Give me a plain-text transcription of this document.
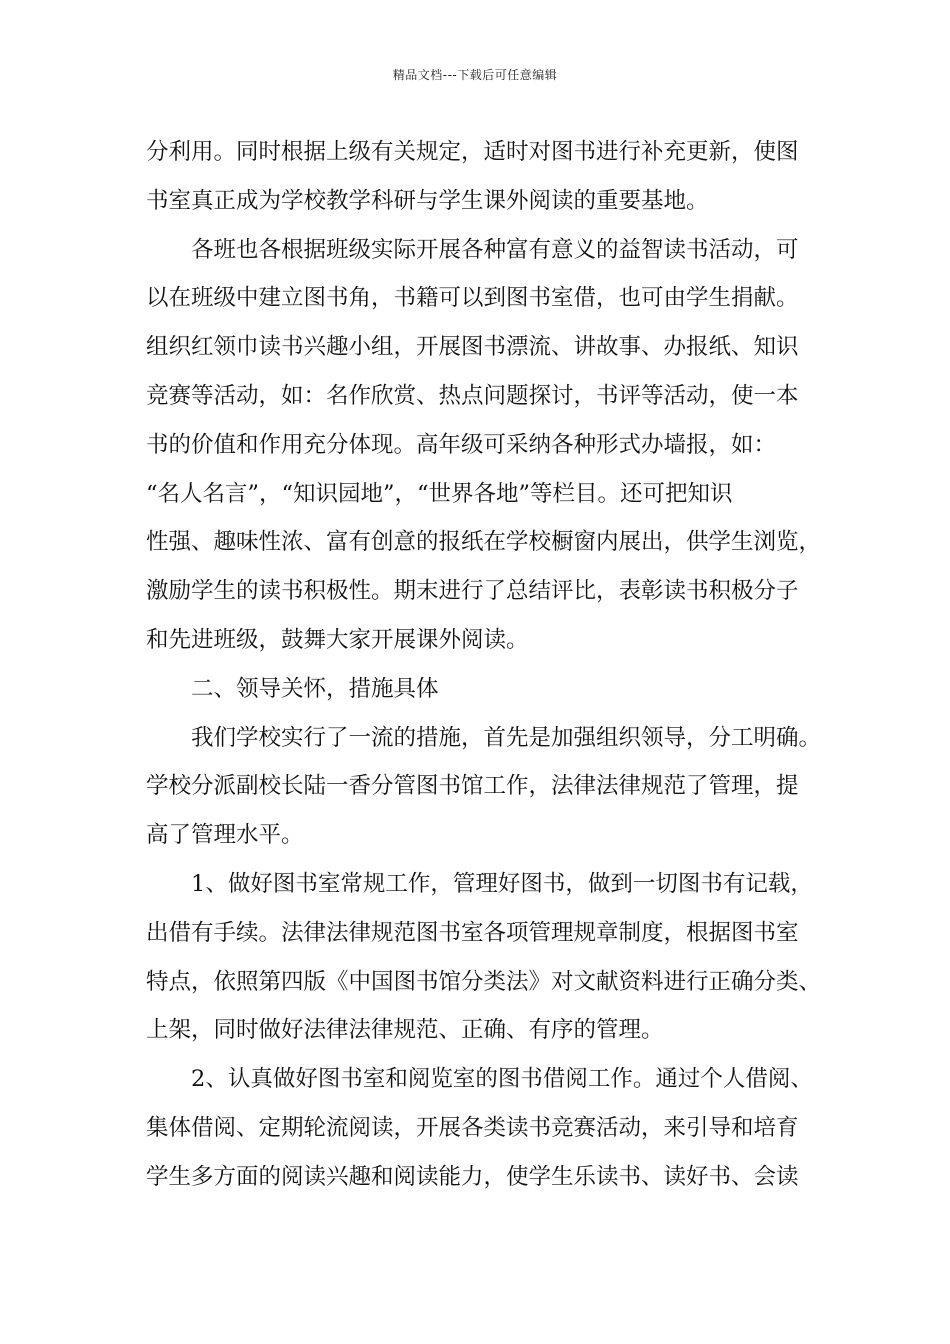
精品文档---下载后可任意编辑
分利用。同时根据上级有关规定，适时对图书进行补充更新，使图
书室真正成为学校教学科研与学生课外阅读的重要基地。
各班也各根据班级实际开展各种富有意义的益智读书活动，可
以在班级中建立图书角，书籍可以到图书室借，也可由学生捐献。
组织红领巾读书兴趣小组，开展图书漂流、讲故事、办报纸、知识
竞赛等活动，如：名作欣赏、热点问题探讨，书评等活动，使一本
书的价值和作用充分体现。高年级可采纳各种形式办墙报，如：
“名人名言”，“知识园地”，“世界各地”等栏目。还可把知识
性强、趣味性浓、富有创意的报纸在学校橱窗内展出，供学生浏览，
激励学生的读书积极性。期末进行了总结评比，表彰读书积极分子
和先进班级，鼓舞大家开展课外阅读。
二、领导关怀，措施具体
我们学校实行了一流的措施，首先是加强组织领导，分工明确。
学校分派副校长陆一香分管图书馆工作，法律法律规范了管理，提
高了管理水平。
1、做好图书室常规工作，管理好图书，做到一切图书有记载，
出借有手续。法律法律规范图书室各项管理规章制度，根据图书室
特点，依照第四版《中国图书馆分类法》对文献资料进行正确分类、
上架，同时做好法律法律规范、正确、有序的管理。
2、认真做好图书室和阅览室的图书借阅工作。通过个人借阅、
集体借阅、定期轮流阅读，开展各类读书竞赛活动，来引导和培育
学生多方面的阅读兴趣和阅读能力，使学生乐读书、读好书、会读
